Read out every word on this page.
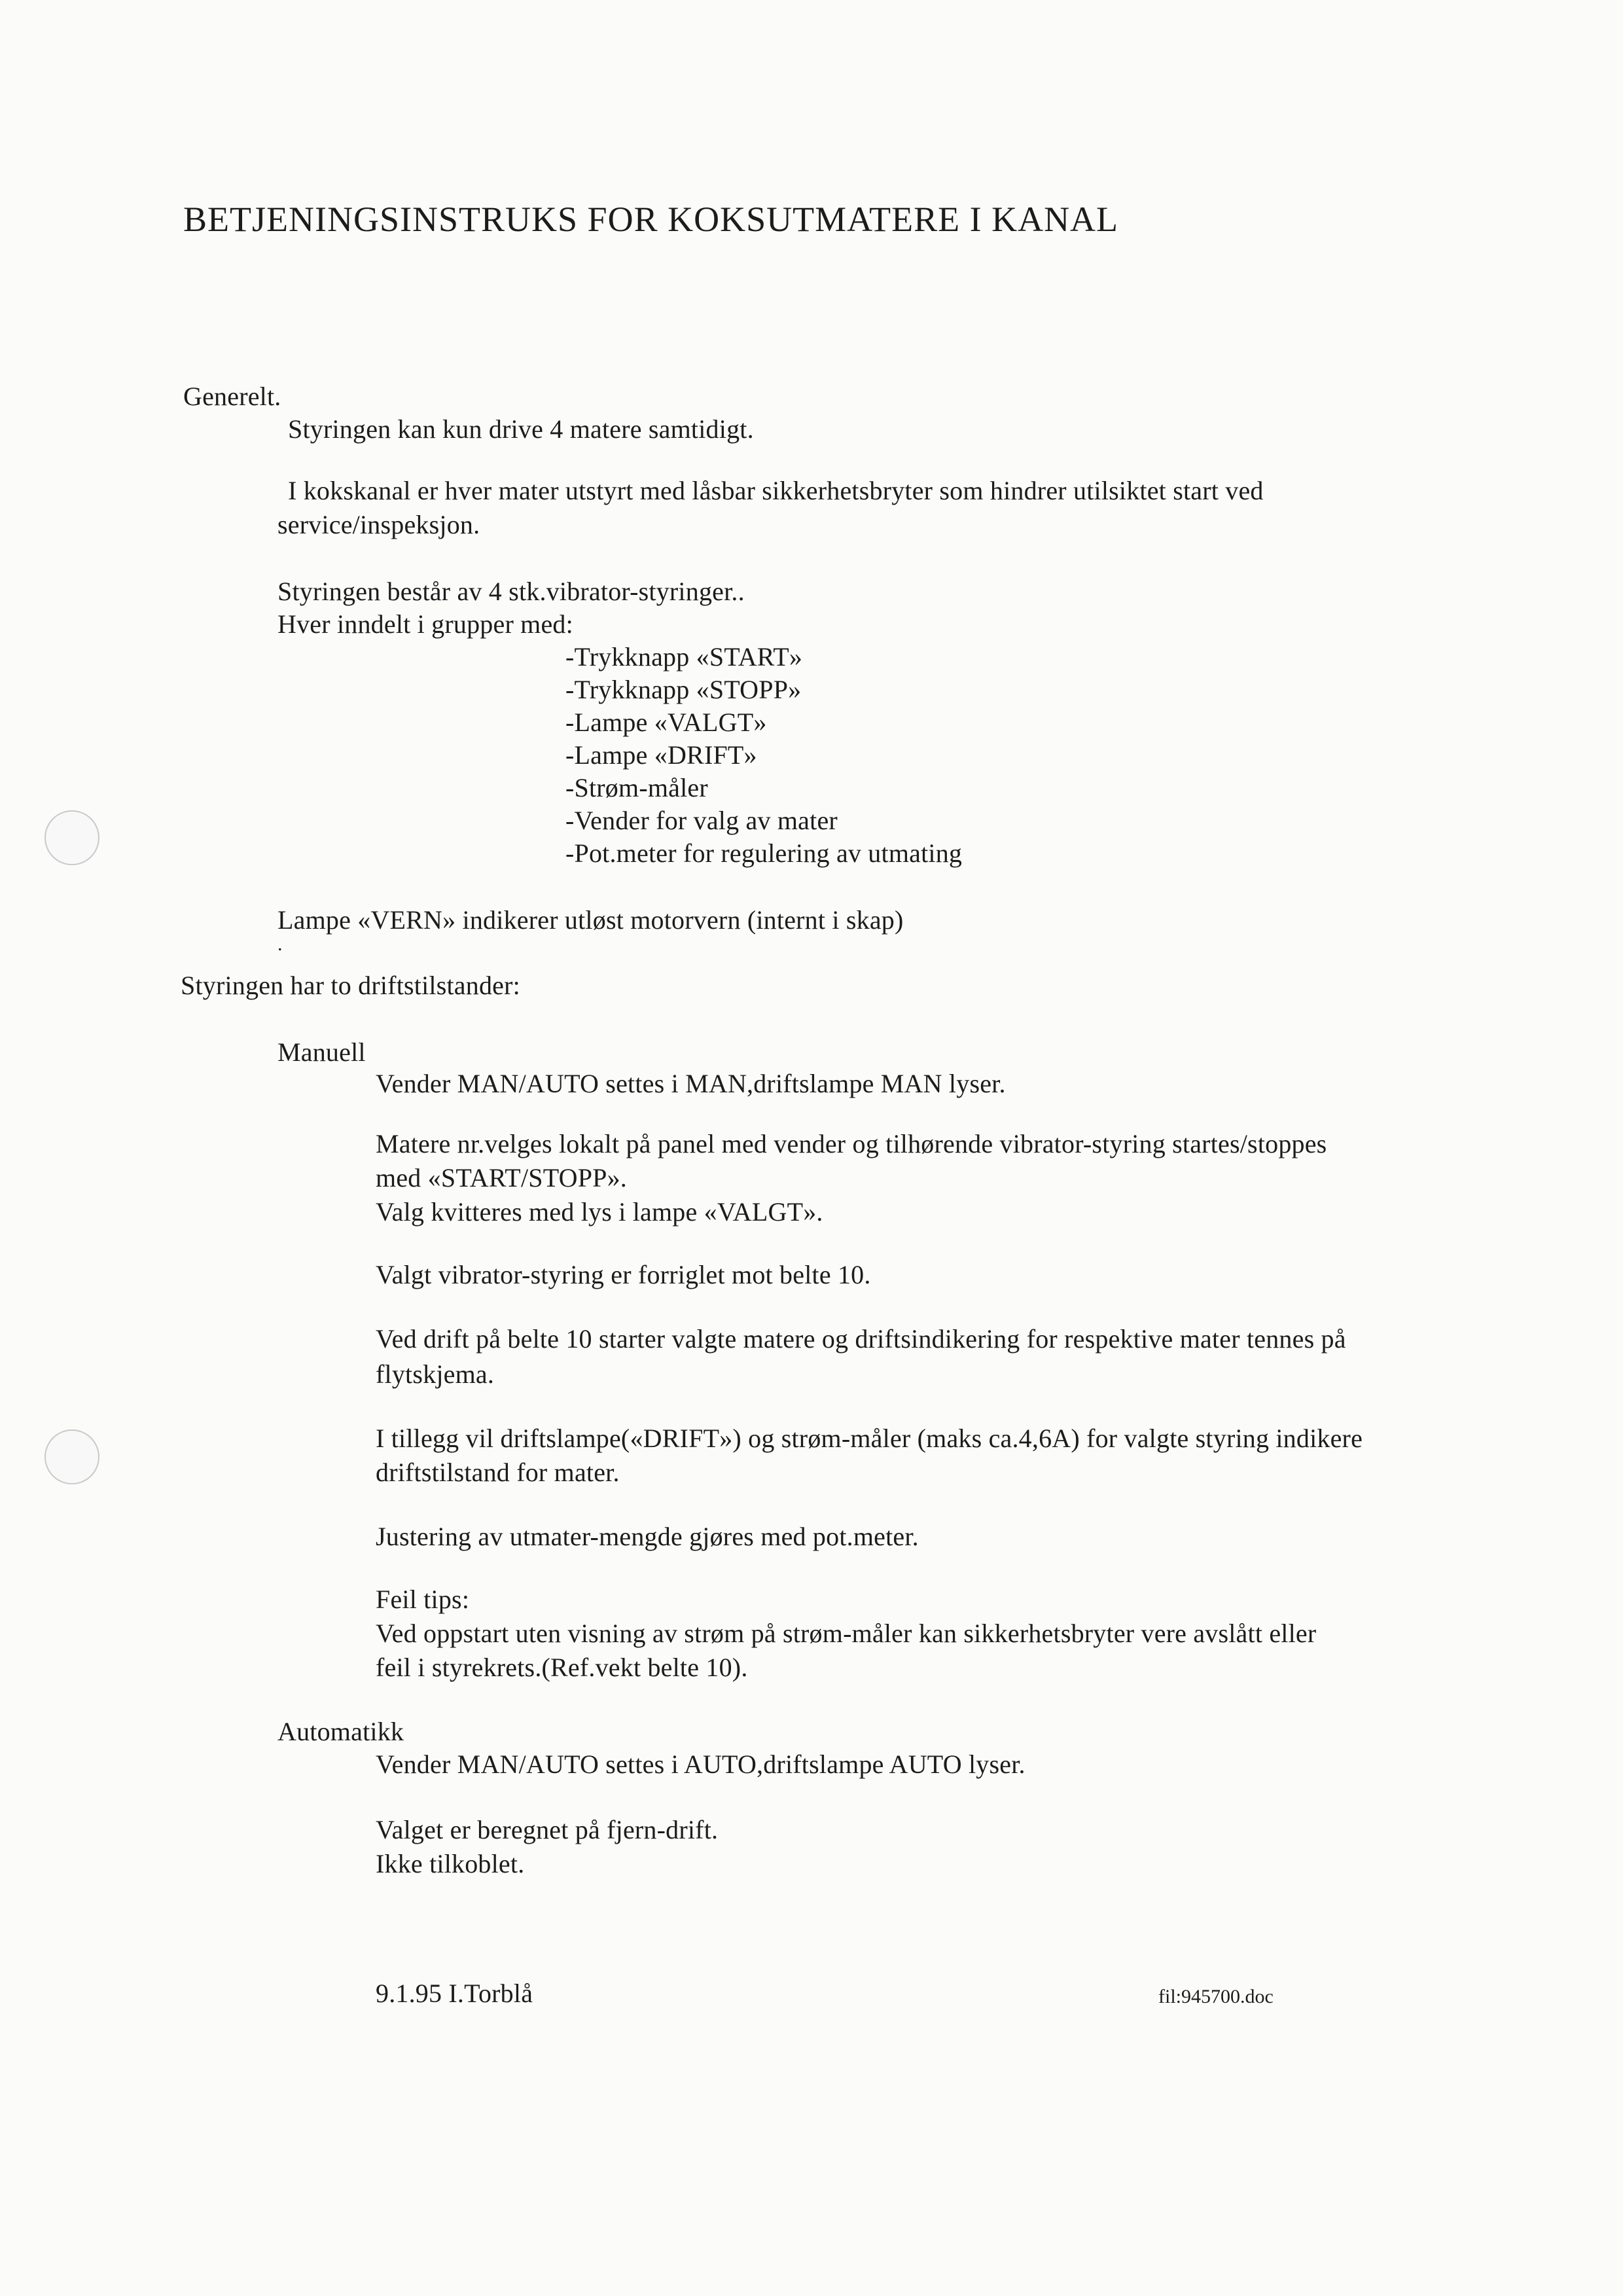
BETJENINGSINSTRUKS FOR KOKSUTMATERE I KANAL
Generelt.
Styringen kan kun drive 4 matere samtidigt.
I kokskanal er hver mater utstyrt med låsbar sikkerhetsbryter som hindrer utilsiktet start ved
service/inspeksjon.
Styringen består av 4 stk.vibrator-styringer..
Hver inndelt i grupper med:
-Trykknapp «START»
-Trykknapp «STOPP»
-Lampe «VALGT»
-Lampe «DRIFT»
-Strøm-måler
-Vender for valg av mater
-Pot.meter for regulering av utmating
Lampe «VERN» indikerer utløst motorvern (internt i skap)
.
Styringen har to driftstilstander:
Manuell
Vender MAN/AUTO settes i MAN,driftslampe MAN lyser.
Matere nr.velges lokalt på panel med vender og tilhørende vibrator-styring startes/stoppes
med «START/STOPP».
Valg kvitteres med lys i lampe «VALGT».
Valgt vibrator-styring er forriglet mot belte 10.
Ved drift på belte 10 starter valgte matere og driftsindikering for respektive mater tennes på
flytskjema.
I tillegg vil driftslampe(«DRIFT») og strøm-måler (maks ca.4,6A) for valgte styring indikere
driftstilstand for mater.
Justering av utmater-mengde gjøres med pot.meter.
Feil tips:
Ved oppstart uten visning av strøm på strøm-måler kan sikkerhetsbryter vere avslått eller
feil i styrekrets.(Ref.vekt belte 10).
Automatikk
Vender MAN/AUTO settes i AUTO,driftslampe AUTO lyser.
Valget er beregnet på fjern-drift.
Ikke tilkoblet.
9.1.95 I.Torblå	fil:945700.doc
